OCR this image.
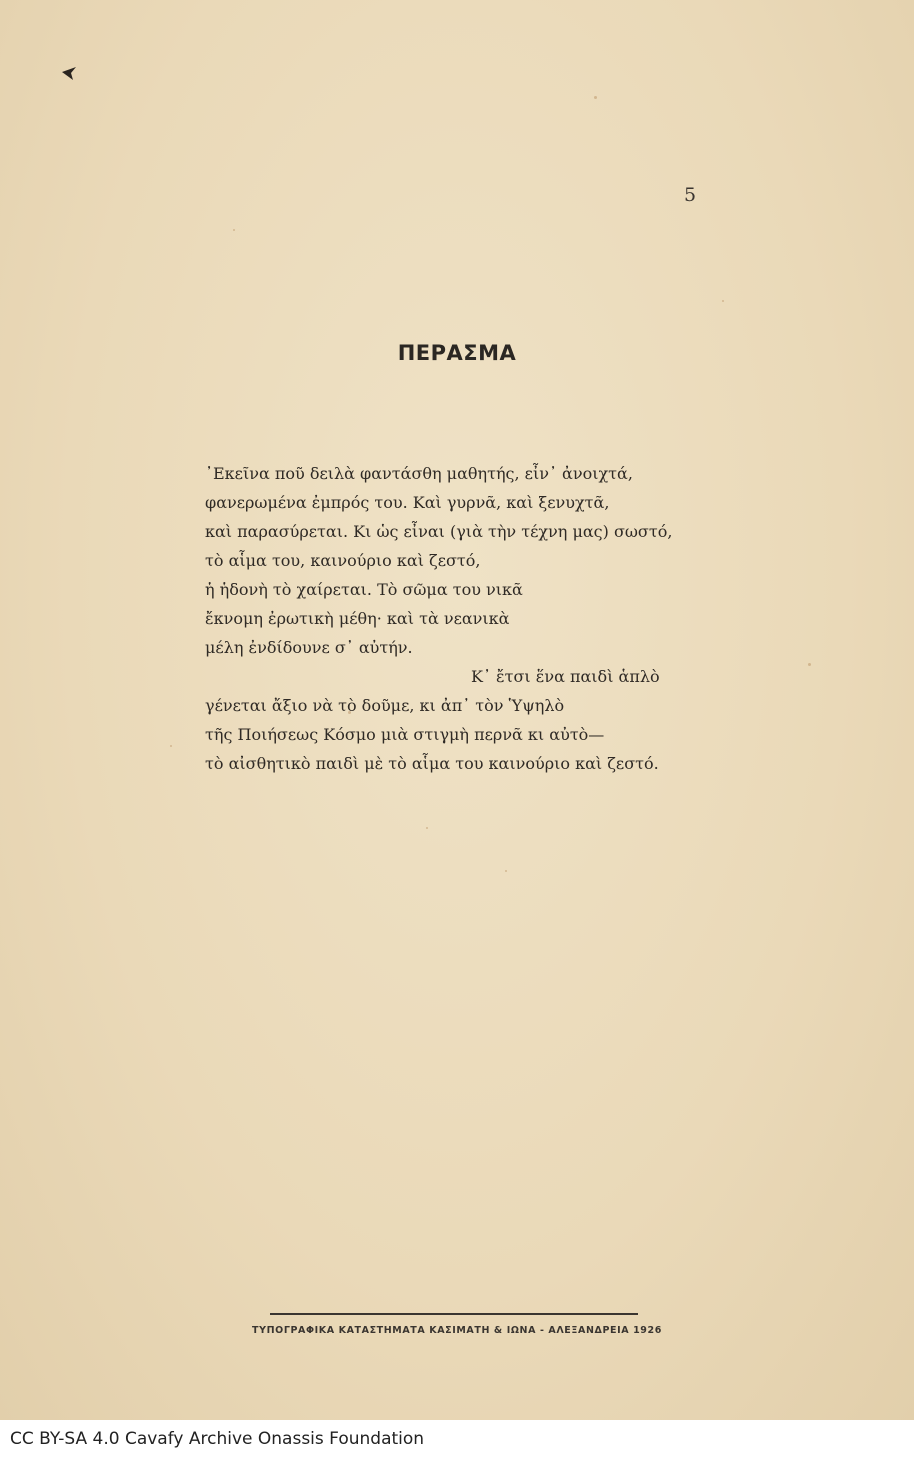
5
ΠΕΡΑΣΜΑ
᾿Εκεῖνα ποῦ δειλὰ φαντάσθη μαθητής, εἶν᾿ ἀνοιχτά,
φανερωμένα ἐμπρός του. Καὶ γυρνᾶ, καὶ ξενυχτᾶ,
καὶ παρασύρεται. Κι ὡς εἶναι (γιὰ τὴν τέχνη μας) σωστό,
τὸ αἷμα του, καινούριο καὶ ζεστό,
ἡ ἡδονὴ τὸ χαίρεται. Τὸ σῶμα του νικᾶ
ἔκνομη ἐρωτικὴ μέθη· καὶ τὰ νεανικὰ
μέλη ἐνδίδουνε σ᾿ αὐτήν.
Κ᾿ ἔτσι ἕνα παιδὶ ἁπλὸ
γένεται ἄξιο νὰ τὸ δοῦμε, κι ἀπ᾿ τὸν Ὑψηλὸ
τῆς Ποιήσεως Κόσμο μιὰ στιγμὴ περνᾶ κι αὐτὸ—
τὸ αἰσθητικὸ παιδὶ μὲ τὸ αἷμα του καινούριο καὶ ζεστό.
ΤΥΠΟΓΡΑΦΙΚΑ ΚΑΤΑΣΤΗΜΑΤΑ ΚΑΣΙΜΑΤΗ & ΙΩΝΑ - ΑΛΕΞΑΝΔΡΕΙΑ 1926
CC BY-SA 4.0 Cavafy Archive Onassis Foundation
